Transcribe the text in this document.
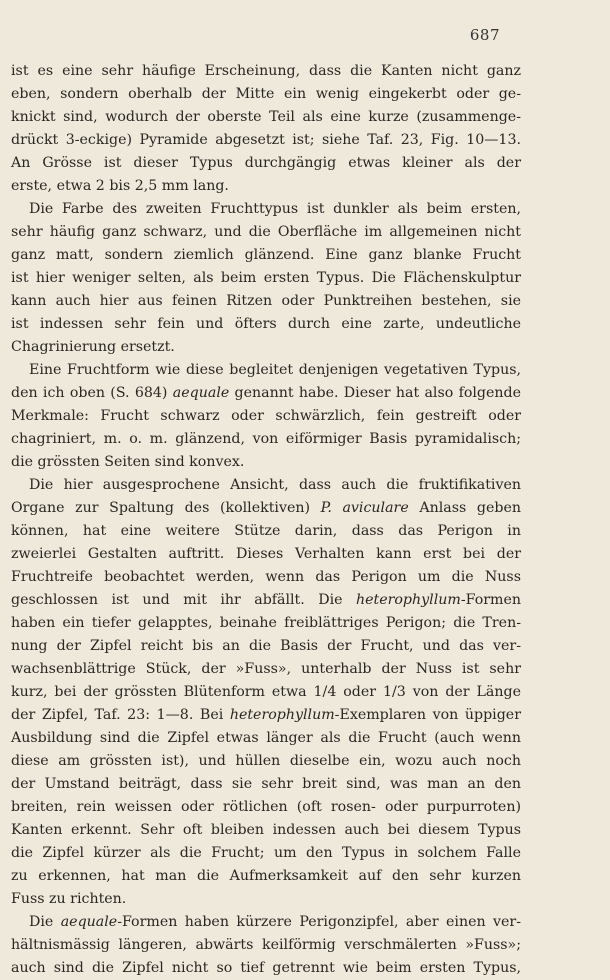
687
ist es eine sehr häufige Erscheinung, dass die Kanten nicht ganz
eben, sondern oberhalb der Mitte ein wenig eingekerbt oder ge-
knickt sind, wodurch der oberste Teil als eine kurze (zusammenge-
drückt 3-eckige) Pyramide abgesetzt ist; siehe Taf. 23, Fig. 10—13.
An Grösse ist dieser Typus durchgängig etwas kleiner als der
erste, etwa 2 bis 2,5 mm lang.
Die Farbe des zweiten Fruchttypus ist dunkler als beim ersten,
sehr häufig ganz schwarz, und die Oberfläche im allgemeinen nicht
ganz matt, sondern ziemlich glänzend. Eine ganz blanke Frucht
ist hier weniger selten, als beim ersten Typus. Die Flächenskulptur
kann auch hier aus feinen Ritzen oder Punktreihen bestehen, sie
ist indessen sehr fein und öfters durch eine zarte, undeutliche
Chagrinierung ersetzt.
Eine Fruchtform wie diese begleitet denjenigen vegetativen Typus,
den ich oben (S. 684) aequale genannt habe. Dieser hat also folgende
Merkmale: Frucht schwarz oder schwärzlich, fein gestreift oder
chagriniert, m. o. m. glänzend, von eiförmiger Basis pyramidalisch;
die grössten Seiten sind konvex.
Die hier ausgesprochene Ansicht, dass auch die fruktifikativen
Organe zur Spaltung des (kollektiven) P. aviculare Anlass geben
können, hat eine weitere Stütze darin, dass das Perigon in
zweierlei Gestalten auftritt. Dieses Verhalten kann erst bei der
Fruchtreife beobachtet werden, wenn das Perigon um die Nuss
geschlossen ist und mit ihr abfällt. Die heterophyllum-Formen
haben ein tiefer gelapptes, beinahe freiblättriges Perigon; die Tren-
nung der Zipfel reicht bis an die Basis der Frucht, und das ver-
wachsenblättrige Stück, der »Fuss», unterhalb der Nuss ist sehr
kurz, bei der grössten Blütenform etwa 1/4 oder 1/3 von der Länge
der Zipfel, Taf. 23: 1—8. Bei heterophyllum-Exemplaren von üppiger
Ausbildung sind die Zipfel etwas länger als die Frucht (auch wenn
diese am grössten ist), und hüllen dieselbe ein, wozu auch noch
der Umstand beiträgt, dass sie sehr breit sind, was man an den
breiten, rein weissen oder rötlichen (oft rosen- oder purpurroten)
Kanten erkennt. Sehr oft bleiben indessen auch bei diesem Typus
die Zipfel kürzer als die Frucht; um den Typus in solchem Falle
zu erkennen, hat man die Aufmerksamkeit auf den sehr kurzen
Fuss zu richten.
Die aequale-Formen haben kürzere Perigonzipfel, aber einen ver-
hältnismässig längeren, abwärts keilförmig verschmälerten »Fuss»;
auch sind die Zipfel nicht so tief getrennt wie beim ersten Typus,
